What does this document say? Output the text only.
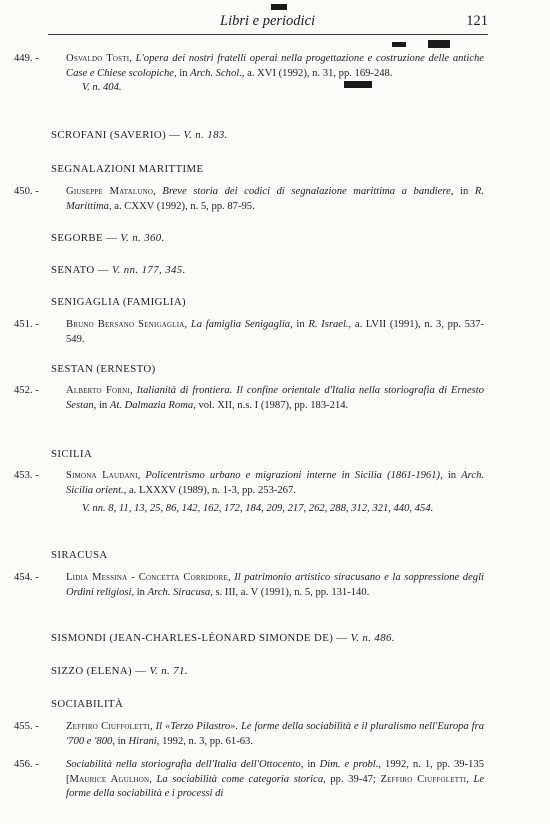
Libri e periodici	121
449. -	Osvaldo Tosti, L'opera dei nostri fratelli operai nella progettazione e costruzione delle antiche Case e Chiese scolopiche, in Arch. Schol., a. XVI (1992), n. 31, pp. 169-248.
V. n. 404.
SCROFANI (SAVERIO) — V. n. 183.
SEGNALAZIONI MARITTIME
450. -	Giuseppe Mataluno, Breve storia dei codici di segnalazione marittima a bandiere, in R. Marittima, a. CXXV (1992), n. 5, pp. 87-95.
SEGORBE — V. n. 360.
SENATO — V. nn. 177, 345.
SENIGAGLIA (FAMIGLIA)
451. -	Bruno Bersano Senigaglia, La famiglia Senigaglia, in R. Israel., a. LVII (1991), n. 3, pp. 537-549.
SESTAN (ERNESTO)
452. -	Alberto Forni, Italianità di frontiera. Il confine orientale d'Italia nella storiografia di Ernesto Sestan, in At. Dalmazia Roma, vol. XII, n.s. I (1987), pp. 183-214.
SICILIA
453. -	Simona Laudani, Policentrismo urbano e migrazioni interne in Sicilia (1861-1961), in Arch. Sicilia orient., a. LXXXV (1989), n. 1-3, pp. 253-267.
V. nn. 8, 11, 13, 25, 86, 142, 162, 172, 184, 209, 217, 262, 288, 312, 321, 440, 454.
SIRACUSA
454. -	Lidia Messina - Concetta Corridore, Il patrimonio artistico siracusano e la soppressione degli Ordini religiosi, in Arch. Siracusa, s. III, a. V (1991), n. 5, pp. 131-140.
SISMONDI (JEAN-CHARLES-LÉONARD SIMONDE DE) — V. n. 486.
SIZZO (ELENA) — V. n. 71.
SOCIABILITÀ
455. -	Zeffiro Ciuffoletti, Il «Terzo Pilastro». Le forme della sociabilità e il pluralismo nell'Europa fra '700 e '800, in Hirani, 1992, n. 3, pp. 61-63.
456. -	Sociabilità nella storiografia dell'Italia dell'Ottocento, in Dim. e probl., 1992, n. 1, pp. 39-135 [Maurice Agulhon, La sociabilità come categoria storica, pp. 39-47; Zeffiro Ciuffoletti, Le forme della sociabilità e i processi di
